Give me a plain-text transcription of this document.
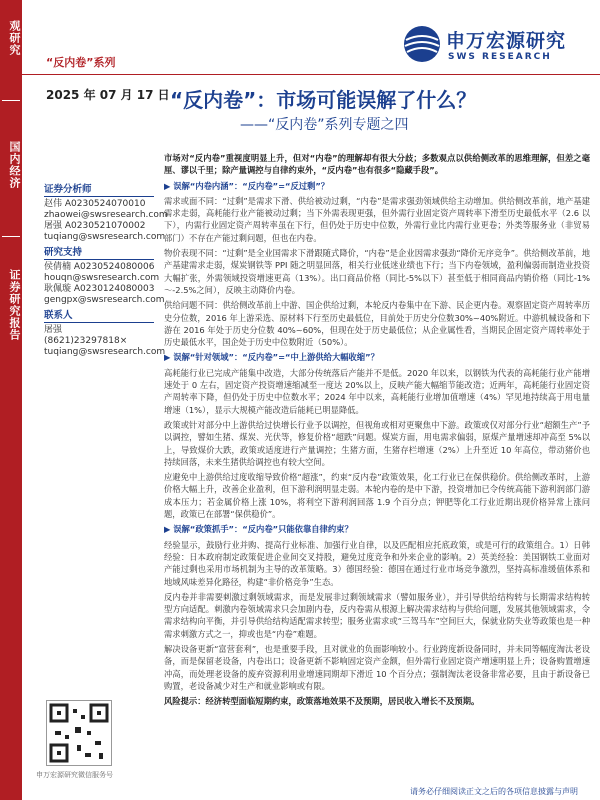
观研究
国内经济
证券研究报告
“反内卷”系列
申万宏源研究
SWS RESEARCH
2025 年 07 月 17 日 “反内卷”：市场可能误解了什么？
——“反内卷”系列专题之四
证券分析师
赵伟 A0230524070010
zhaowei@swsresearch.com
屠强 A0230521070002
tuqiang@swsresearch.com
研究支持
侯倩楠 A0230524080006
houqn@swsresearch.com
耿佩璇 A0230124080003
gengpx@swsresearch.com
联系人
屠强
(8621)23297818×
tuqiang@swsresearch.com

市场对“反内卷”重视度明显上升，但对“内卷”的理解却有很大分歧；多数观点以供给侧改革的思维理解，但差之毫厘、谬以千里；除产量调控与自律约束外，“反内卷”也有很多“隐藏手段”。

▶ 误解“内卷内涵”：“反内卷”=“反过剩”？

需求或面不同：“过剩”是需求下滑、供给被动过剩，“内卷”是需求强劲领域供给主动增加。供给侧改革前，地产基建需求走弱，高耗能行业产能被动过剩；当下外需表现更强，但外需行业固定资产周转率下滑至历史最低水平（2.6 以下），内需行业固定资产周转率虽在下行，但仍处于历史中位数，外需行业比内需行业更卷；外类等服务业（非贸易部门）不存在产能过剩问题，但也在内卷。

物价表现不同：“过剩”是全业国需求下滑跟随式降价，“内卷”是企业因需求强劲“降价无序竞争”。供给侧改革前，地产基建需求走弱，煤炭钢铁等 PPI 随之明显回落，相关行业低迷业绩也下行；当下内卷领域，盈利偏弱而制造业投资大幅扩张，外需领域投资增速更高（13%）。出口商品价格（同比-5%以下）甚至低于相同商品内销价格（同比-1%～-2.5%之间），反映主动降价内卷。

供给问题不同：供给侧改革前上中游、国企供给过剩，本轮反内卷集中在下游、民企更内卷。观察固定资产周转率历史分位数，2016 年上游采选、原材料下行至历史最低位，目前处于历史分位数30%~40%附近。中游机械设备和下游在 2016 年处于历史分位数 40%~60%，但现在处于历史最低位；从企业属性看，当期民企固定资产周转率处于历史最低水平，国企处于历史中位数附近（50%）。

▶ 误解“针对领域”：“反内卷”=“中上游供给大幅收缩”？

高耗能行业已完成产能集中改造，大部分传统落后产能并不是低。2020 年以来，以钢铁为代表的高耗能行业产能增速处于 0 左右，固定资产投资增速缩减至一度达 20%以上，反映产能大幅缩节能改造；近两年，高耗能行业固定资产周转率下降，但仍处于历史中位数水平；2024 年中以来，高耗能行业增加值增速（4%）罕见地持续高于用电量增速（1%），显示大规模产能改造后能耗已明显降低。

政策或针对部分中上游供给过快增长行业予以调控，但视角或相对更聚焦中下游。政策或仅对部分行业“超额生产”予以调控，譬如生猪、煤炭、光伏等，修复价格“超跌”问题。煤炭方面，用电需求偏弱，原煤产量增速却冲高至 5%以上，导致煤价大跌，政策或适度进行产量调控；生猪方面，生猪存栏增速（2%）上升至近 10 年高位，带动猪价也持续回落，未来生猪供给调控也有较大空间。

应避免中上游供给过度收缩导致价格“超涨”，约束“反内卷”政策效果，化工行业已在保供稳价。供给侧改革时，上游价格大幅上升，改善企业盈利，但下游利润明显走弱。本轮内卷的是中下游，投资增加已令传统高能下游利润部门游成本压力；若金属价格上涨 10%，将利空下游利润回落 1.9 个百分点；钾肥等化工行业近期出现价格异常上涨问题，政策已在部署“保供稳价”。

▶ 误解“政策抓手”：“反内卷”只能依靠自律约束？

经验显示，鼓励行业并购、提高行业标准、加强行业自律，以及匹配相应托底政策，或是可行的政策组合。1）日韩经验：日本政府制定政策促进企业间交叉持股，避免过度竞争和外来企业的影响。2）英美经验：美国钢铁工业面对产能过剩也采用市场机制为主导的改革策略。3）德国经验：德国在通过行业市场竞争激烈，坚持高标准缓值体系和地域风味差异化路径，构建“非价格竞争”生态。

反内卷并非需要刺激过剩领域需求，而是发展非过剩领域需求（譬如服务业），并引导供给结构转与长期需求结构转型方向适配。刺激内卷领域需求只会加剧内卷，反内卷需从根源上解决需求结构与供给问题，发展其他领域需求，令需求结构向平衡，并引导供给结构适配需求转型；服务业需求或“三驾马车”空间巨大，保就业防失业等政策也是一种需求刺激方式之一，抑或也是“内卷”难题。

解决设备更新“富营套利”，也是重要手段，且对就业的负面影响较小。行业跨度新设备同时，并未同等幅度淘汰老设备，而是保留老设备，内卷出口；设备更新不影响固定资产金额，但外需行业固定资产增速明显上升；设备购置增速冲高，而处理老设备的废弃资源利用业增速同期却下滑近 10 个百分点；强制淘汰老设备非常必要，且由于新设备已购置，老设备减少对生产和就业影响或有限。

风险提示：经济转型面临短期约束，政策落地效果不及预期，居民收入增长不及预期。

申万宏源研究微信服务号
请务必仔细阅读正文之后的各项信息披露与声明
